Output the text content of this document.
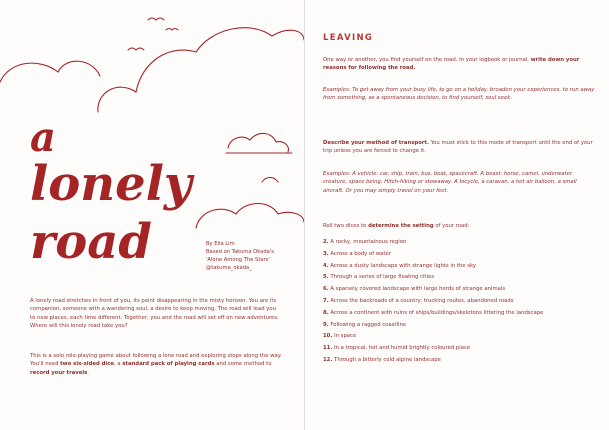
a
lonely
road	By Ella Lim
Based on Takuma Okada's
'Alone Among The Stars'
@takuma_okada_
A lonely road stretches in front of you, its point disappearing in the misty horizon. You are its companion, someone with a wandering soul, a desire to keep moving. The road will lead you to new places, each time different. Together, you and the road will set off on new adventures. Where will this lonely road take you?
This is a solo role-playing game about following a lone road and exploring stops along the way. You'll need two six-sided dice, a standard pack of playing cards and some method to record your travels.
LEAVING
One way or another, you find yourself on the road. In your logbook or journal, write down your reasons for following the road.
Examples: To get away from your busy life, to go on a holiday, broaden your experiences, to run away from something, as a spontaneous decision, to find yourself, soul seek.
Describe your method of transport. You must stick to this mode of transport until the end of your trip unless you are forced to change it.
Examples: A vehicle: car, ship, train, bus, boat, spacecraft. A beast: horse, camel, underwater creature, space being. Hitch-hiking or stowaway. A bicycle, a caravan, a hot air balloon, a small aircraft. Or you may simply travel on your feet.
Roll two dices to determine the setting of your road:
2. A rocky, mountainous region
3. Across a body of water
4. Across a dusty landscape with strange lights in the sky
5. Through a series of large floating cities
6. A sparsely covered landscape with large herds of strange animals
7. Across the backroads of a country: trucking routes, abandoned roads
8. Across a continent with ruins of ships/buildings/skeletons littering the landscape
9. Following a ragged coastline
10. In space
11. In a tropical, hot and humid brightly coloured place
12. Through a bitterly cold alpine landscape
